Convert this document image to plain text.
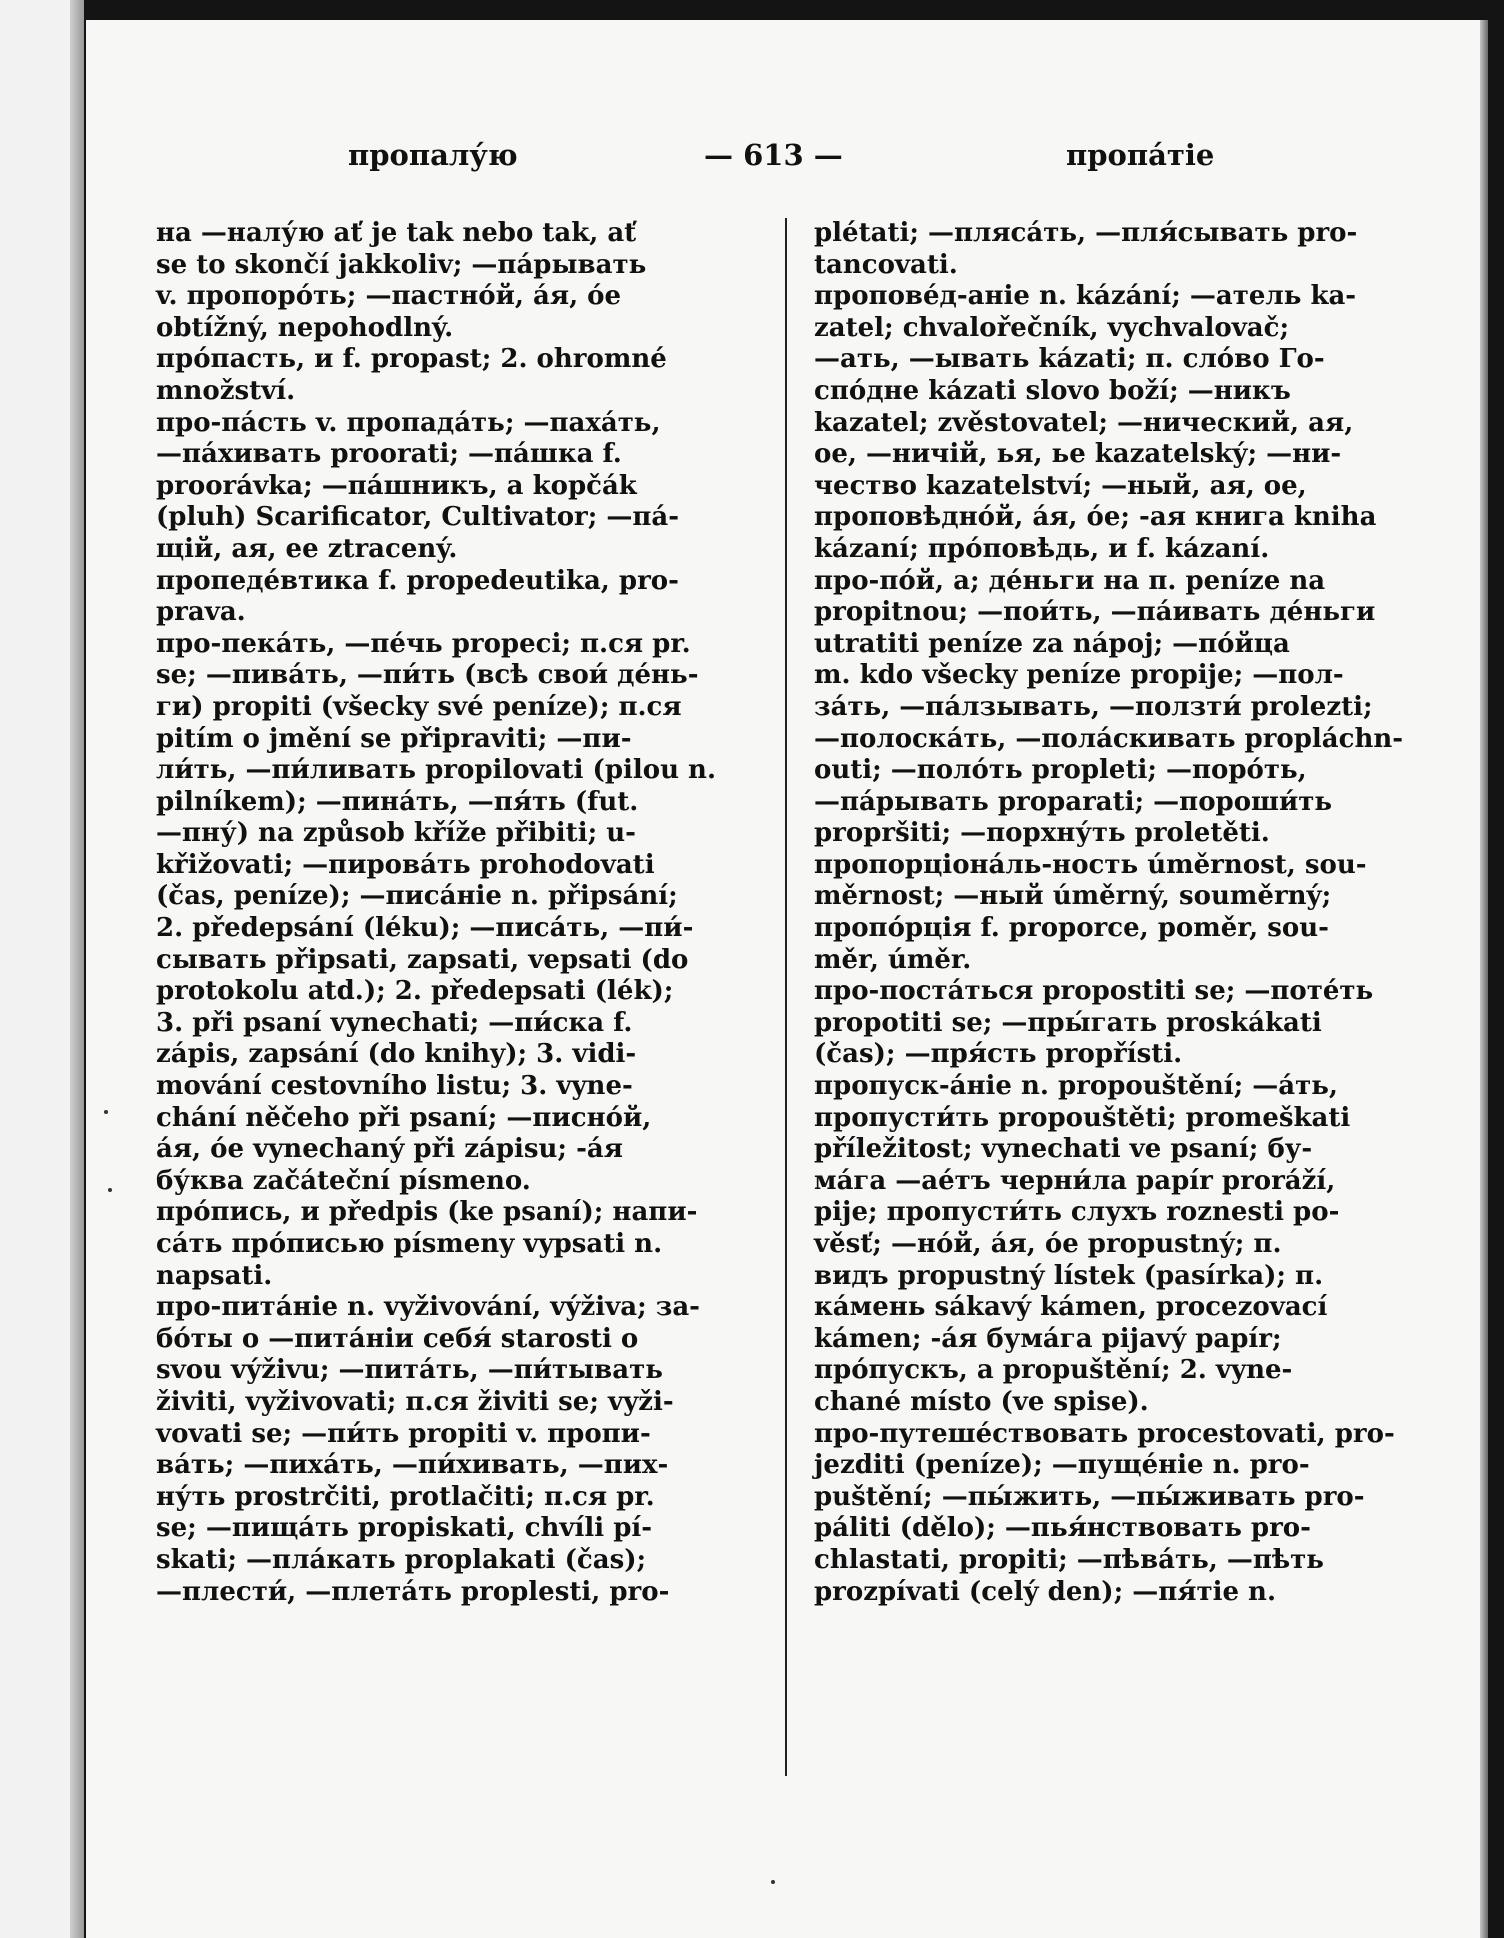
пропалу́ю	— 613 —	пропа́тie
на —налу́ю ať je tak nebo tak, ať
se to skončí jakkoliv; —па́рывать
v. пропоро́ть; —пастно́й, а́я, о́е
obtížný, nepohodlný.
про́пасть, и f. propast; 2. ohromné
množství.
про-па́сть v. пропада́ть; —паха́ть,
—па́хивать proorati; —па́шка f.
proorávka; —па́шникъ, a kopčák
(pluh) Scarificator, Cultivator; —па́-
щiй, ая, ее ztracený.
пропеде́втика f. propedeutika, pro-
prava.
про-пека́ть, —пе́чь propeci; п.ся pr.
se; —пива́ть, —пи́ть (всѣ свои́ де́нь-
ги) propiti (všecky své peníze); п.ся
pitím o jmění se připraviti; —пи-
ли́ть, —пи́ливать propilovati (pilou n.
pilníkem); —пина́ть, —пя́ть (fut.
—пну́) na způsob kříže přibiti; u-
křižovati; —пирова́ть prohodovati
(čas, peníze); —писа́нiе n. připsání;
2. předepsání (léku); —писа́ть, —пи́-
сывать připsati, zapsati, vepsati (do
protokolu atd.); 2. předepsati (lék);
3. při psaní vynechati; —пи́ска f.
zápis, zapsání (do knihy); 3. vidi-
mování cestovního listu; 3. vyne-
chání něčeho při psaní; —писно́й,
а́я, о́е vynechaný při zápisu; -а́я
бу́ква začáteční písmeno.
про́пись, и předpis (ke psaní); напи-
са́ть про́писью písmeny vypsati n.
napsati.
про-пита́нiе n. vyživování, výživa; за-
бо́ты о —пита́нiи себя́ starosti o
svou výživu; —пита́ть, —пи́тывать
živiti, vyživovati; п.ся živiti se; vyži-
vovati se; —пи́ть propiti v. пропи-
ва́ть; —пиха́ть, —пи́хивать, —пих-
ну́ть prostrčiti, protlačiti; п.ся pr.
se; —пища́ть propiskati, chvíli pí-
skati; —пла́кать proplakati (čas);
—плести́, —плета́ть proplesti, pro-
plétati; —пляса́ть, —пля́сывать pro-
tancovati.
пропове́д-анiе n. kázání; —атель ka-
zatel; chvalořečník, vychvalovač;
—ать, —ывать kázati; п. сло́во Го-
спо́дне kázati slovo boží; —никъ
kazatel; zvěstovatel; —нический, ая,
ое, —ничiй, ья, ье kazatelský; —ни-
чество kazatelství; —ный, ая, ое,
проповѣдно́й, а́я, о́е; -ая книга kniha
kázaní; про́повѣдь, и f. kázaní.
про-по́й, a; де́ньги на п. peníze na
propitnou; —пои́ть, —па́ивать де́ньги
utratiti peníze za nápoj; —по́йца
m. kdo všecky peníze propije; —пол-
за́ть, —па́лзывать, —ползти́ prolezti;
—полоска́ть, —пола́скивать propláchn-
outi; —поло́ть propleti; —поро́ть,
—па́рывать proparati; —пороши́ть
propršiti; —порхну́ть proletěti.
пропорцiона́ль-ность úměrnost, sou-
měrnost; —ный úměrný, souměrný;
пропо́рцiя f. proporce, poměr, sou-
měr, úměr.
про-поста́ться propostiti se; —поте́ть
propotiti se; —пры́гать proskákati
(čas); —пря́сть propřísti.
пропуск-а́нiе n. propouštění; —а́ть,
пропусти́ть propouštěti; promeškati
příležitost; vynechati ve psaní; бу-
ма́га —ае́тъ черни́ла papír proráží,
pije; пропусти́ть слухъ roznesti po-
věsť; —но́й, а́я, о́е propustný; п.
видъ propustný lístek (pasírka); п.
ка́мень sákavý kámen, procezovací
kámen; -а́я бума́га pijavý papír;
про́пускъ, a propuštění; 2. vyne-
chané místo (ve spise).
про-путеше́ствовать procestovati, pro-
jezditi (peníze); —пуще́нiе n. pro-
puštění; —пы́жить, —пы́живать pro-
páliti (dělo); —пья́нствовать pro-
chlastati, propiti; —пѣва́ть, —пѣть
prozpívati (celý den); —пя́тiе n.
